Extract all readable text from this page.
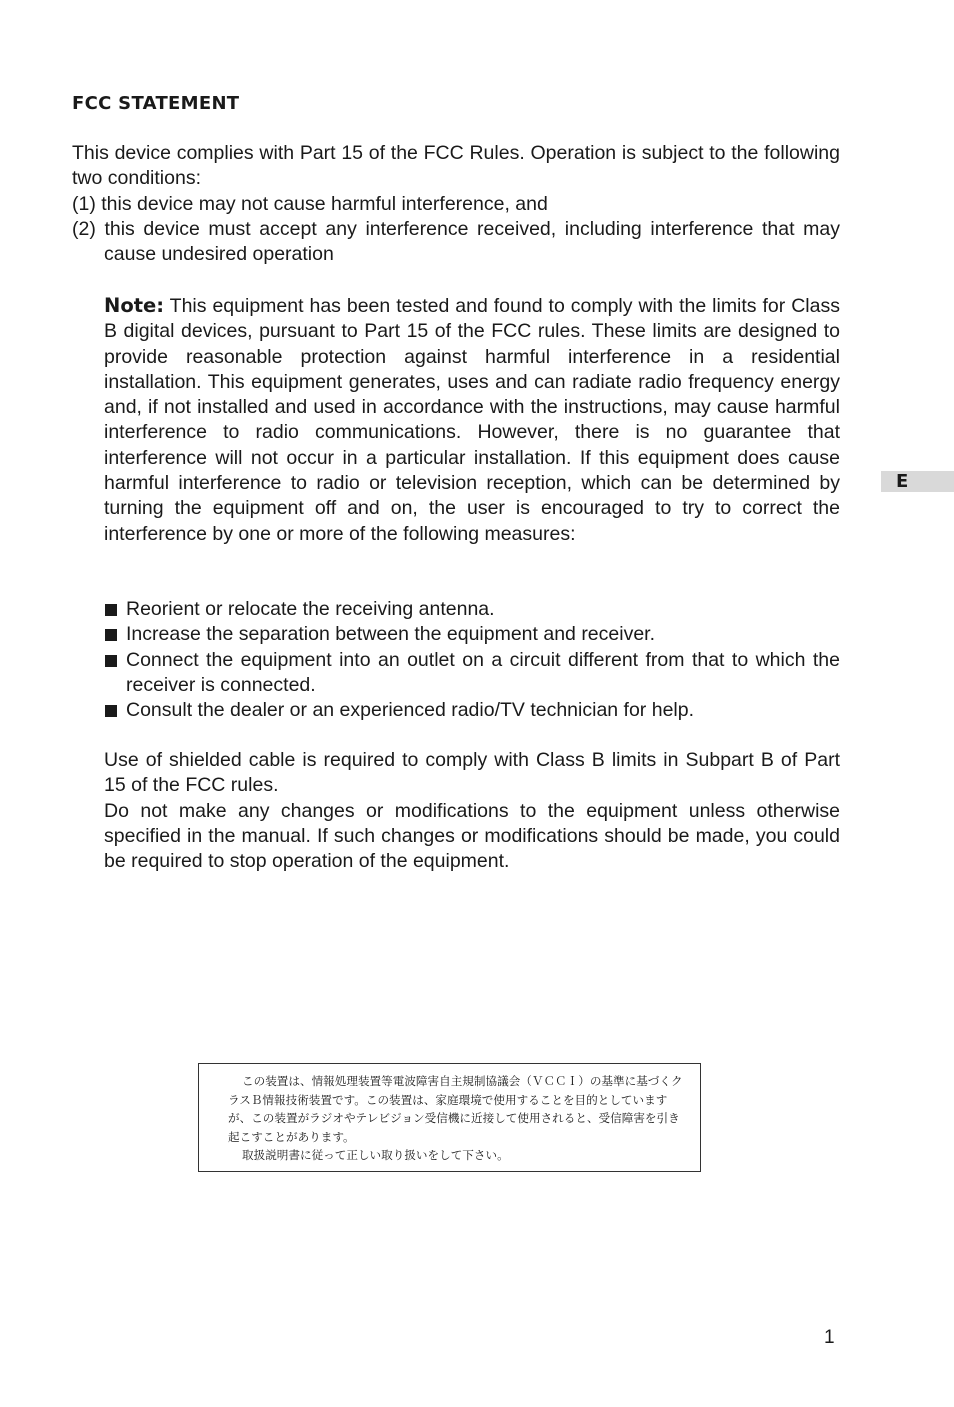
FCC STATEMENT
This device complies with Part 15 of the FCC Rules. Operation is subject to the following two conditions:
(1) this device may not cause harmful interference, and
(2) this device must accept any interference received, including interference that may cause undesired operation
Note: This equipment has been tested and found to comply with the limits for Class B digital devices, pursuant to Part 15 of the FCC rules. These limits are designed to provide reasonable protection against harmful interference in a residential installation. This equipment generates, uses and can radiate radio frequency energy and, if not installed and used in accordance with the instructions, may cause harmful interference to radio communications. However, there is no guarantee that interference will not occur in a particular installation. If this equipment does cause harmful interference to radio or television reception, which can be determined by turning the equipment off and on, the user is encouraged to try to correct the interference by one or more of the following measures:
Reorient or relocate the receiving antenna.
Increase the separation between the equipment and receiver.
Connect the equipment into an outlet on a circuit different from that to which the receiver is connected.
Consult the dealer or an experienced radio/TV technician for help.
Use of shielded cable is required to comply with Class B limits in Subpart B of Part 15 of the FCC rules.
Do not make any changes or modifications to the equipment unless otherwise specified in the manual. If such changes or modifications should be made, you could be required to stop operation of the equipment.
E

この装置は、情報処理装置等電波障害自主規制協議会（ＶＣＣＩ）の基準に基づくクラスＢ情報技術装置です。この装置は、家庭環境で使用することを目的としていますが、この装置がラジオやテレビジョン受信機に近接して使用されると、受信障害を引き起こすことがあります。

取扱説明書に従って正しい取り扱いをして下さい。

1
